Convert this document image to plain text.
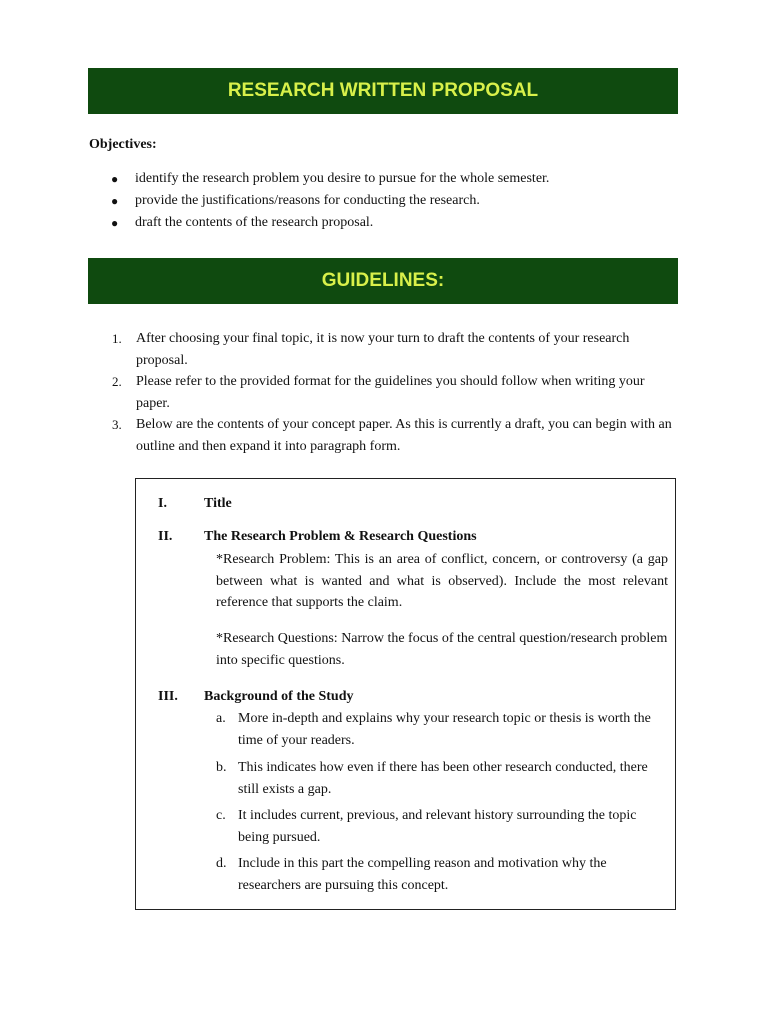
RESEARCH WRITTEN PROPOSAL
Objectives:
● identify the research problem you desire to pursue for the whole semester.
● provide the justifications/reasons for conducting the research.
● draft the contents of the research proposal.
GUIDELINES:
1. After choosing your final topic, it is now your turn to draft the contents of your research proposal.
2. Please refer to the provided format for the guidelines you should follow when writing your paper.
3. Below are the contents of your concept paper. As this is currently a draft, you can begin with an outline and then expand it into paragraph form.
I.	Title
II.	The Research Problem & Research Questions
*Research Problem: This is an area of conflict, concern, or controversy (a gap between what is wanted and what is observed). Include the most relevant reference that supports the claim.
*Research Questions: Narrow the focus of the central question/research problem into specific questions.
III.	Background of the Study
a. More in-depth and explains why your research topic or thesis is worth the time of your readers.
b. This indicates how even if there has been other research conducted, there still exists a gap.
c. It includes current, previous, and relevant history surrounding the topic being pursued.
d. Include in this part the compelling reason and motivation why the researchers are pursuing this concept.
